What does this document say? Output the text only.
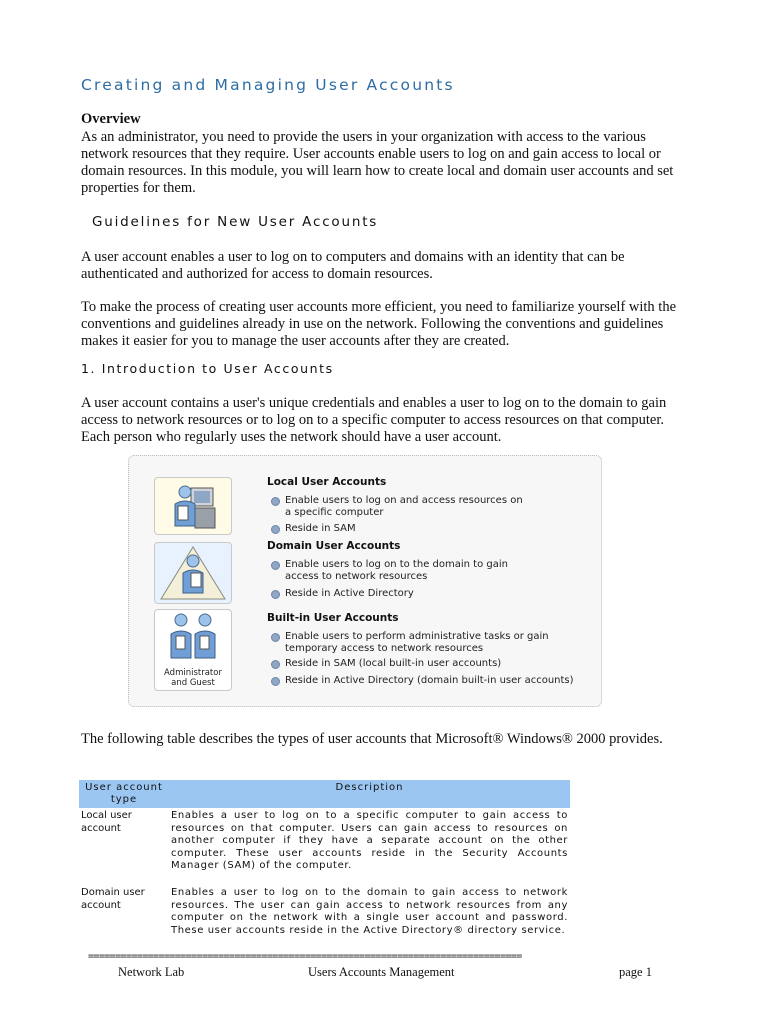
Creating and Managing User Accounts
Overview

As an administrator, you need to provide the users in your organization with access to the various network resources that they require. User accounts enable users to log on and gain access to local or domain resources. In this module, you will learn how to create local and domain user accounts and set properties for them.

Guidelines for New User Accounts

A user account enables a user to log on to computers and domains with an identity that can be authenticated and authorized for access to domain resources.

To make the process of creating user accounts more efficient, you need to familiarize yourself with the conventions and guidelines already in use on the network. Following the conventions and guidelines makes it easier for you to manage the user accounts after they are created.

1. Introduction to User Accounts

A user account contains a user's unique credentials and enables a user to log on to the domain to gain access to network resources or to log on to a specific computer to access resources on that computer. Each person who regularly uses the network should have a user account.

Administrator
and Guest
Local User Accounts
Enable users to log on and access resources on
a specific computer
Reside in SAM
Domain User Accounts
Enable users to log on to the domain to gain
access to network resources
Reside in Active Directory
Built-in User Accounts
Enable users to perform administrative tasks or gain
temporary access to network resources
Reside in SAM (local built-in user accounts)
Reside in Active Directory (domain built-in user accounts)

The following table describes the types of user accounts that Microsoft® Windows® 2000 provides.

User account type	Description
Local user account	Enables a user to log on to a specific computer to gain access to resources on that computer. Users can gain access to resources on another computer if they have a separate account on the other computer. These user accounts reside in the Security Accounts Manager (SAM) of the computer.
Domain user account	Enables a user to log on to the domain to gain access to network resources. The user can gain access to network resources from any computer on the network with a single user account and password. These user accounts reside in the Active Directory® directory service.
================================================================================
Network Lab	Users Accounts Management	page 1
